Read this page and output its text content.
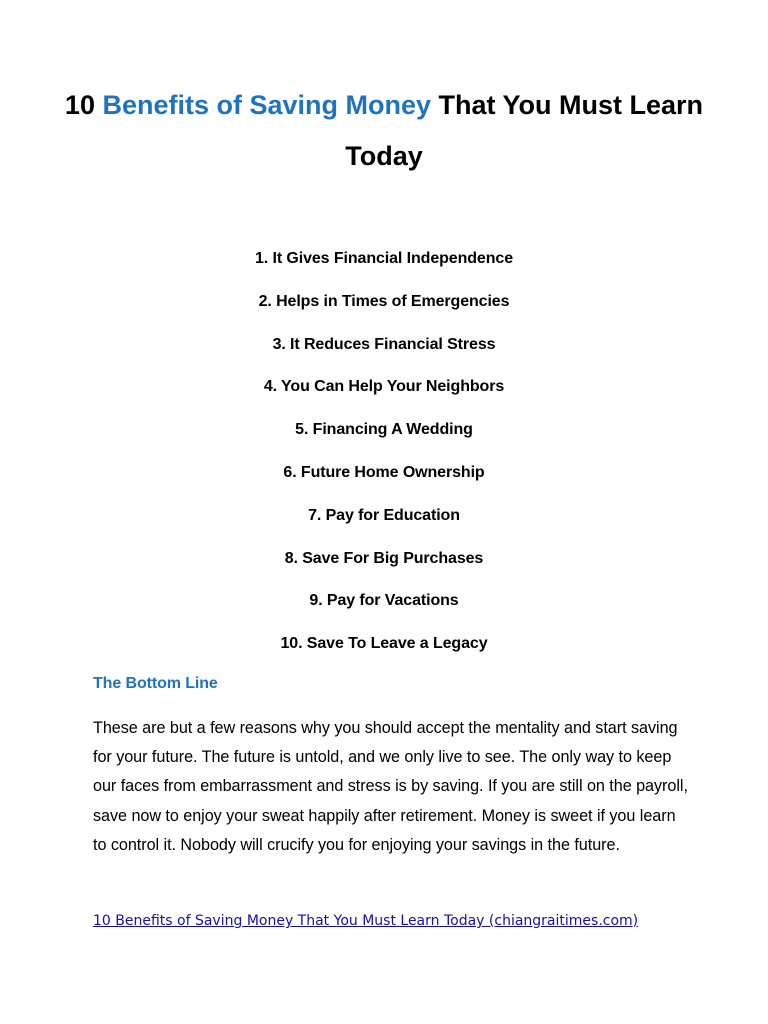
10 Benefits of Saving Money That You Must Learn Today
1. It Gives Financial Independence
2. Helps in Times of Emergencies
3. It Reduces Financial Stress
4. You Can Help Your Neighbors
5. Financing A Wedding
6. Future Home Ownership
7. Pay for Education
8. Save For Big Purchases
9. Pay for Vacations
10. Save To Leave a Legacy
The Bottom Line

These are but a few reasons why you should accept the mentality and start saving for your future. The future is untold, and we only live to see. The only way to keep our faces from embarrassment and stress is by saving. If you are still on the payroll, save now to enjoy your sweat happily after retirement. Money is sweet if you learn to control it. Nobody will crucify you for enjoying your savings in the future.

10 Benefits of Saving Money That You Must Learn Today (chiangraitimes.com)
